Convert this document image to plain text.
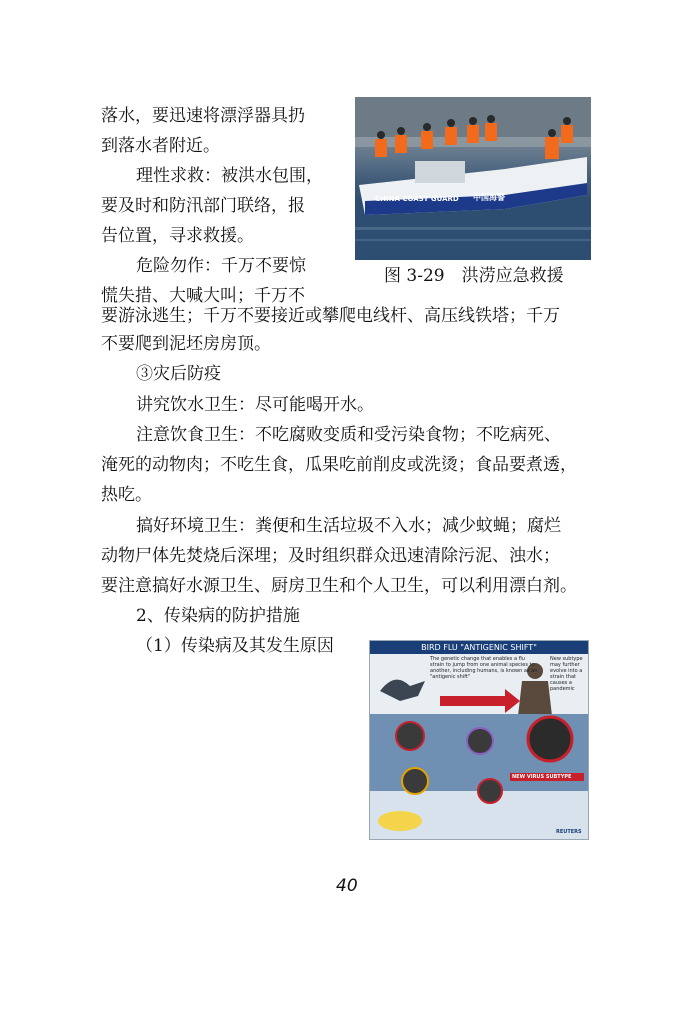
落水，要迅速将漂浮器具扔
到落水者附近。
理性求救：被洪水包围，
要及时和防汛部门联络，报
告位置，寻求救援。
危险勿作：千万不要惊
慌失措、大喊大叫；千万不
要游泳逃生；千万不要接近或攀爬电线杆、高压线铁塔；千万
不要爬到泥坯房房顶。
③灾后防疫
讲究饮水卫生：尽可能喝开水。
注意饮食卫生：不吃腐败变质和受污染食物；不吃病死、
淹死的动物肉；不吃生食，瓜果吃前削皮或洗烫；食品要煮透，
热吃。
搞好环境卫生：粪便和生活垃圾不入水；减少蚊蝇；腐烂
动物尸体先焚烧后深埋；及时组织群众迅速清除污泥、浊水；
要注意搞好水源卫生、厨房卫生和个人卫生，可以利用漂白剂。
2、传染病的防护措施
（1）传染病及其发生原因
CHINA COAST GUARD 中国海警
图 3-29　洪涝应急救援
BIRD FLU "ANTIGENIC SHIFT"
The genetic change that enables a flu strain to jump from one animal species to another, including humans, is known as an "antigenic shift"
New subtype may further evolve into a strain that causes a pandemic
NEW VIRUS SUBTYPE
REUTERS
40
